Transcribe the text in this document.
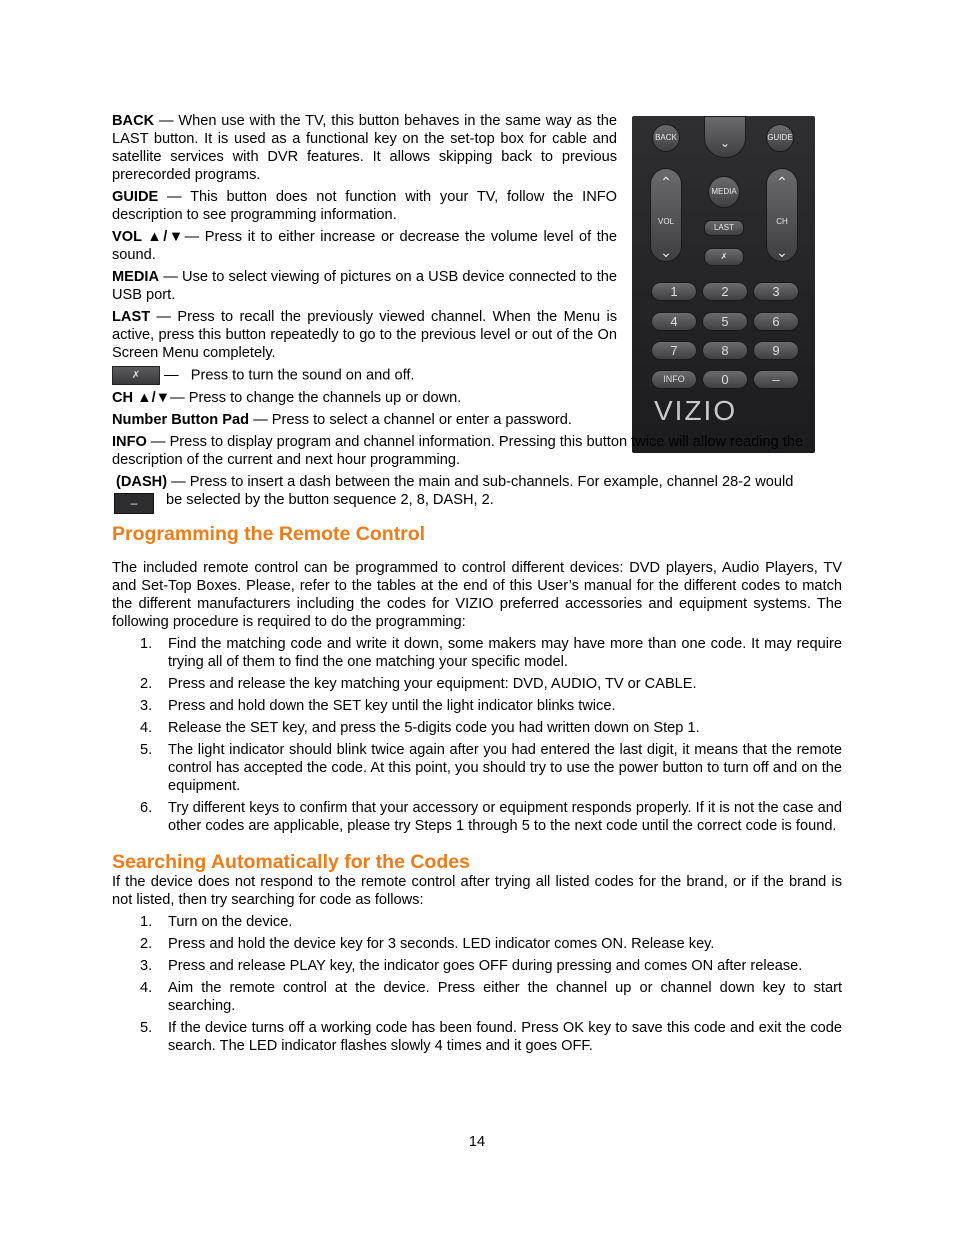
BACK	⌄	GUIDE
⌃
VOL
⌄
MEDIA
LAST
✗
⌃
CH
⌄
1	2	3
4	5	6
7	8	9
INFO	0	–
VIZIO

BACK — When use with the TV, this button behaves in the same way as the LAST button. It is used as a functional key on the set-top box for cable and satellite services with DVR features. It allows skipping back to previous prerecorded programs.

GUIDE — This button does not function with your TV, follow the INFO description to see programming information.

VOL ▲/▼— Press it to either increase or decrease the volume level of the sound.

MEDIA — Use to select viewing of pictures on a USB device connected to the USB port.

LAST — Press to recall the previously viewed channel. When the Menu is active, press this button repeatedly to go to the previous level or out of the On Screen Menu completely.

✗ —   Press to turn the sound on and off.

CH ▲/▼— Press to change the channels up or down.

Number Button Pad — Press to select a channel or enter a password.

INFO — Press to display program and channel information. Pressing this button twice will allow reading the description of the current and next hour programming.

(DASH) — Press to insert a dash between the main and sub-channels. For example, channel 28-2 would
–	be selected by the button sequence 2, 8, DASH, 2.
Programming the Remote Control

The included remote control can be programmed to control different devices: DVD players, Audio Players, TV and Set-Top Boxes. Please, refer to the tables at the end of this User’s manual for the different codes to match the different manufacturers including the codes for VIZIO preferred accessories and equipment systems. The following procedure is required to do the programming:

1. Find the matching code and write it down, some makers may have more than one code. It may require trying all of them to find the one matching your specific model.
2. Press and release the key matching your equipment: DVD, AUDIO, TV or CABLE.
3. Press and hold down the SET key until the light indicator blinks twice.
4. Release the SET key, and press the 5-digits code you had written down on Step 1.
5. The light indicator should blink twice again after you had entered the last digit, it means that the remote control has accepted the code. At this point, you should try to use the power button to turn off and on the equipment.
6. Try different keys to confirm that your accessory or equipment responds properly. If it is not the case and other codes are applicable, please try Steps 1 through 5 to the next code until the correct code is found.
Searching Automatically for the Codes

If the device does not respond to the remote control after trying all listed codes for the brand, or if the brand is not listed, then try searching for code as follows:

1. Turn on the device.
2. Press and hold the device key for 3 seconds. LED indicator comes ON. Release key.
3. Press and release PLAY key, the indicator goes OFF during pressing and comes ON after release.
4. Aim the remote control at the device. Press either the channel up or channel down key to start searching.
5. If the device turns off a working code has been found. Press OK key to save this code and exit the code search. The LED indicator flashes slowly 4 times and it goes OFF.
14
